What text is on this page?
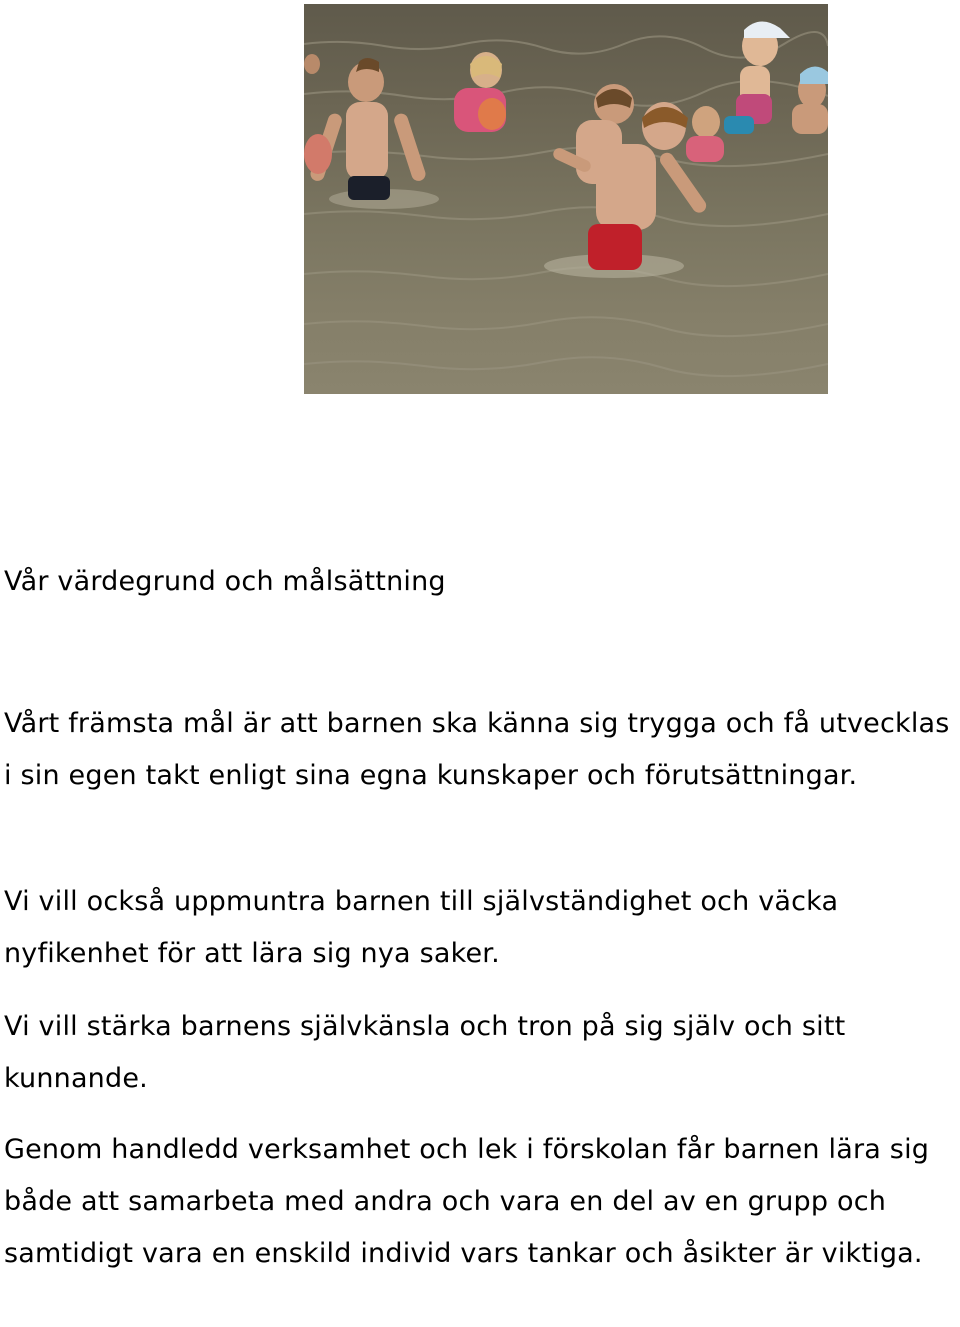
Vår värdegrund och målsättning

Vårt främsta mål är att barnen ska känna sig trygga och få utvecklas i sin egen takt enligt sina egna kunskaper och förutsättningar.

Vi vill också uppmuntra barnen till självständighet och väcka nyfikenhet för att lära sig nya saker.

Vi vill stärka barnens självkänsla och tron på sig själv och sitt kunnande.

Genom handledd verksamhet och lek i förskolan får barnen lära sig både att samarbeta med andra och vara en del av en grupp och samtidigt vara en enskild individ vars tankar och åsikter är viktiga.
